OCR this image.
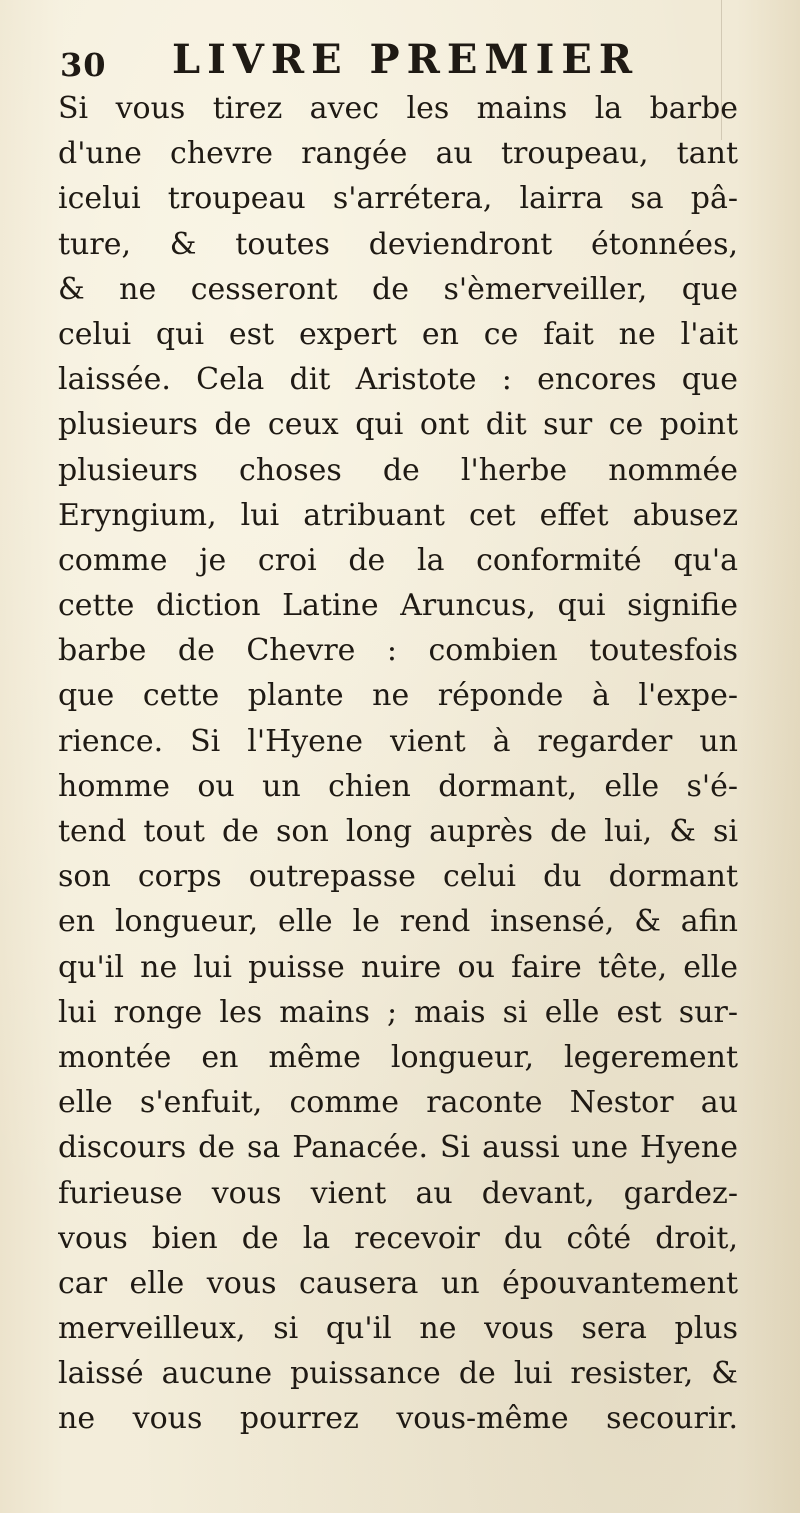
30 LIVRE PREMIER
Si vous tirez avec les mains la barbe
d'une chevre rangée au troupeau, tant
icelui troupeau s'arrétera, lairra sa pâ-
ture, & toutes deviendront étonnées,
& ne cesseront de s'èmerveiller, que
celui qui est expert en ce fait ne l'ait
laissée. Cela dit Aristote : encores que
plusieurs de ceux qui ont dit sur ce point
plusieurs choses de l'herbe nommée
Eryngium, lui atribuant cet effet abusez
comme je croi de la conformité qu'a
cette diction Latine Aruncus, qui signifie
barbe de Chevre : combien toutesfois
que cette plante ne réponde à l'expe-
rience. Si l'Hyene vient à regarder un
homme ou un chien dormant, elle s'é-
tend tout de son long auprès de lui, & si
son corps outrepasse celui du dormant
en longueur, elle le rend insensé, & afin
qu'il ne lui puisse nuire ou faire tête, elle
lui ronge les mains ; mais si elle est sur-
montée en même longueur, legerement
elle s'enfuit, comme raconte Nestor au
discours de sa Panacée. Si aussi une Hyene
furieuse vous vient au devant, gardez-
vous bien de la recevoir du côté droit,
car elle vous causera un épouvantement
merveilleux, si qu'il ne vous sera plus
laissé aucune puissance de lui resister, &
ne vous pourrez vous-même secourir.
